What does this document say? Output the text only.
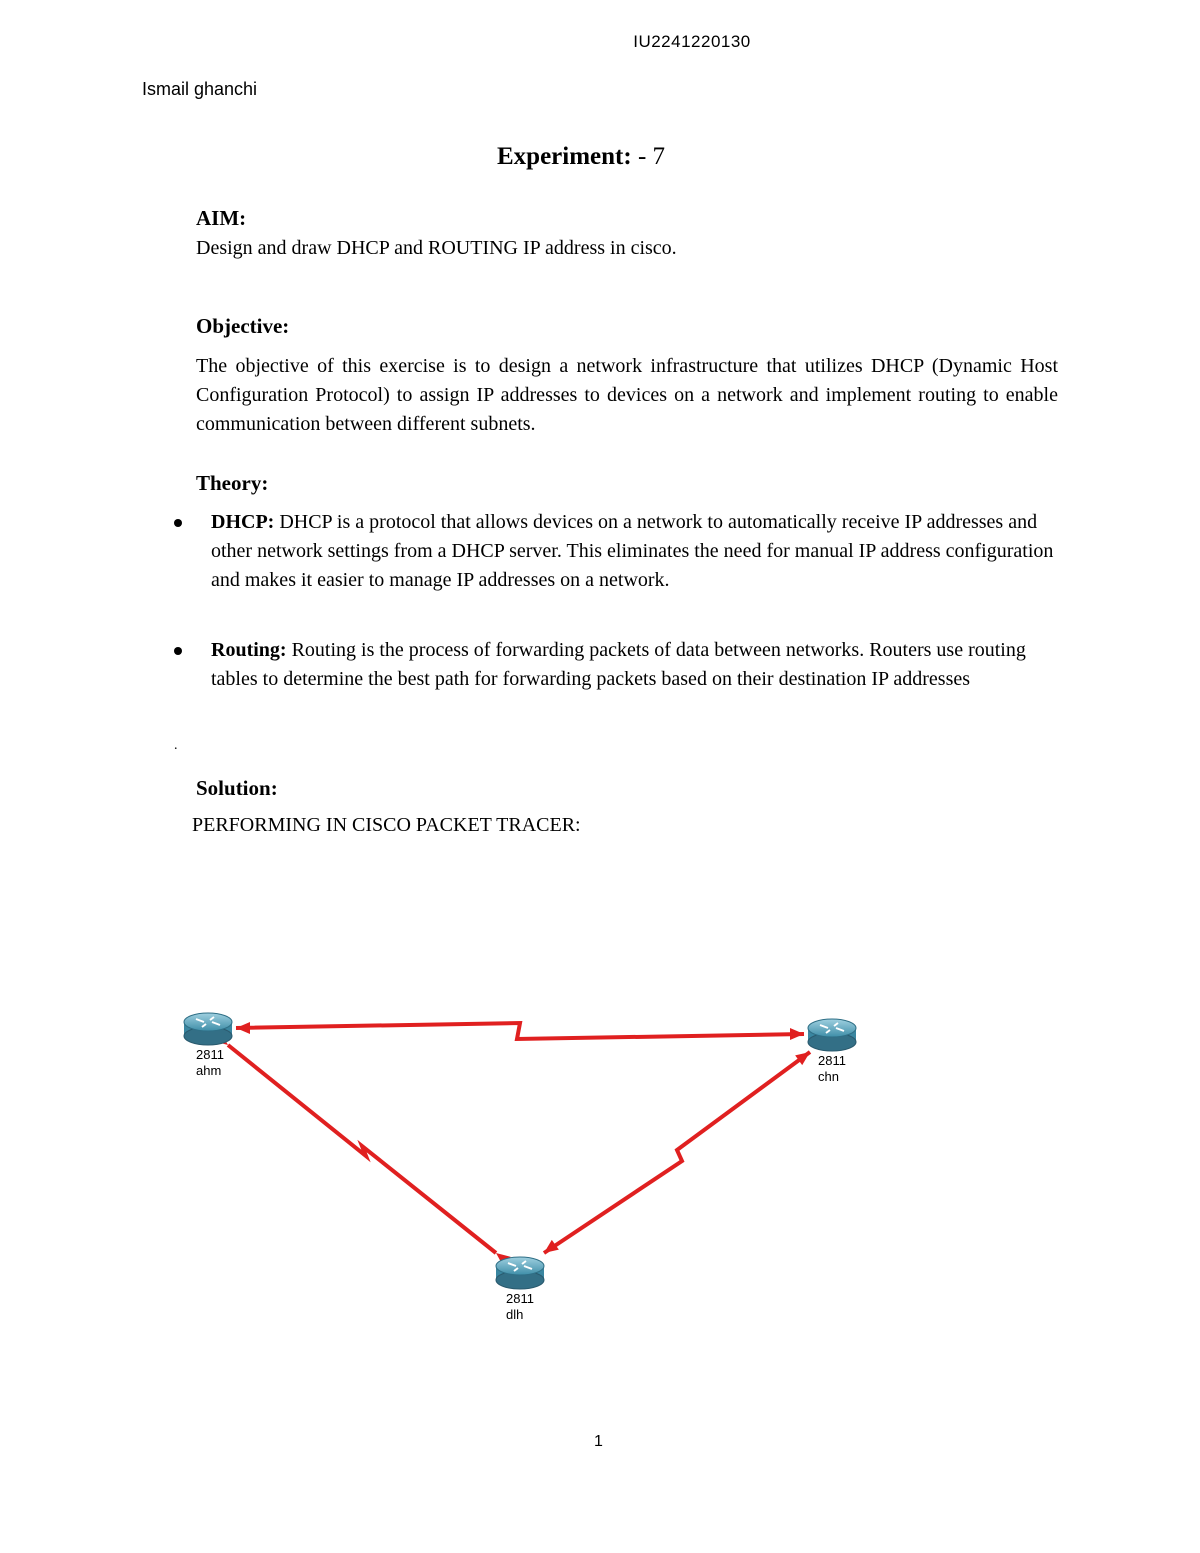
IU2241220130
Ismail ghanchi
Experiment: - 7
AIM:
Design and draw DHCP and ROUTING IP address in cisco.
Objective:
The objective of this exercise is to design a network infrastructure that utilizes DHCP (Dynamic Host Configuration Protocol) to assign IP addresses to devices on a network and implement routing to enable communication between different subnets.
Theory:
DHCP: DHCP is a protocol that allows devices on a network to automatically receive IP addresses and other network settings from a DHCP server. This eliminates the need for manual IP address configuration and makes it easier to manage IP addresses on a network.
Routing: Routing is the process of forwarding packets of data between networks. Routers use routing tables to determine the best path for forwarding packets based on their destination IP addresses
.
Solution:
PERFORMING IN CISCO PACKET TRACER:
2811
ahm
2811
chn
2811
dlh
1
